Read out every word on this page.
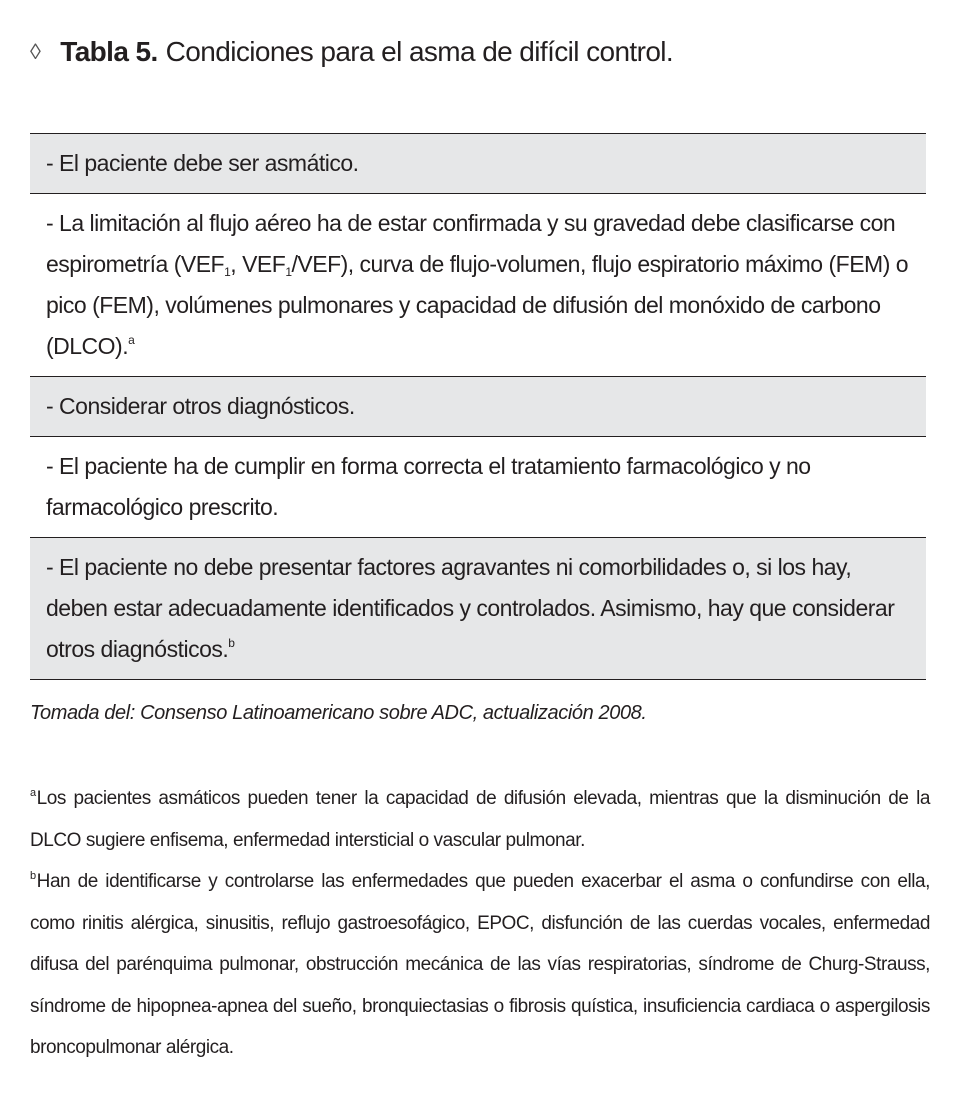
◊ Tabla 5. Condiciones para el asma de difícil control.
- El paciente debe ser asmático.
- La limitación al flujo aéreo ha de estar confirmada y su gravedad debe clasificarse con espirometría ($VEF_1$, $VEF_1/VEF$), curva de flujo-volumen, flujo espiratorio máximo (FEM) o pico (FEM), volúmenes pulmonares y capacidad de difusión del monóxido de carbono (DLCO).$^a$
- Considerar otros diagnósticos.
- El paciente ha de cumplir en forma correcta el tratamiento farmacológico y no farmacológico prescrito.
- El paciente no debe presentar factores agravantes ni comorbilidades o, si los hay, deben estar adecuadamente identificados y controlados. Asimismo, hay que considerar otros diagnósticos.$^b$
Tomada del: Consenso Latinoamericano sobre ADC, actualización 2008.

$^a$Los pacientes asmáticos pueden tener la capacidad de difusión elevada, mientras que la disminución de la DLCO sugiere enfisema, enfermedad intersticial o vascular pulmonar.

$^b$Han de identificarse y controlarse las enfermedades que pueden exacerbar el asma o confundirse con ella, como rinitis alérgica, sinusitis, reflujo gastroesofágico, EPOC, disfunción de las cuerdas vocales, enfermedad difusa del parénquima pulmonar, obstrucción mecánica de las vías respiratorias, síndrome de Churg-Strauss, síndrome de hipopnea-apnea del sueño, bronquiectasias o fibrosis quística, insuficiencia cardiaca o aspergilosis broncopulmonar alérgica.
